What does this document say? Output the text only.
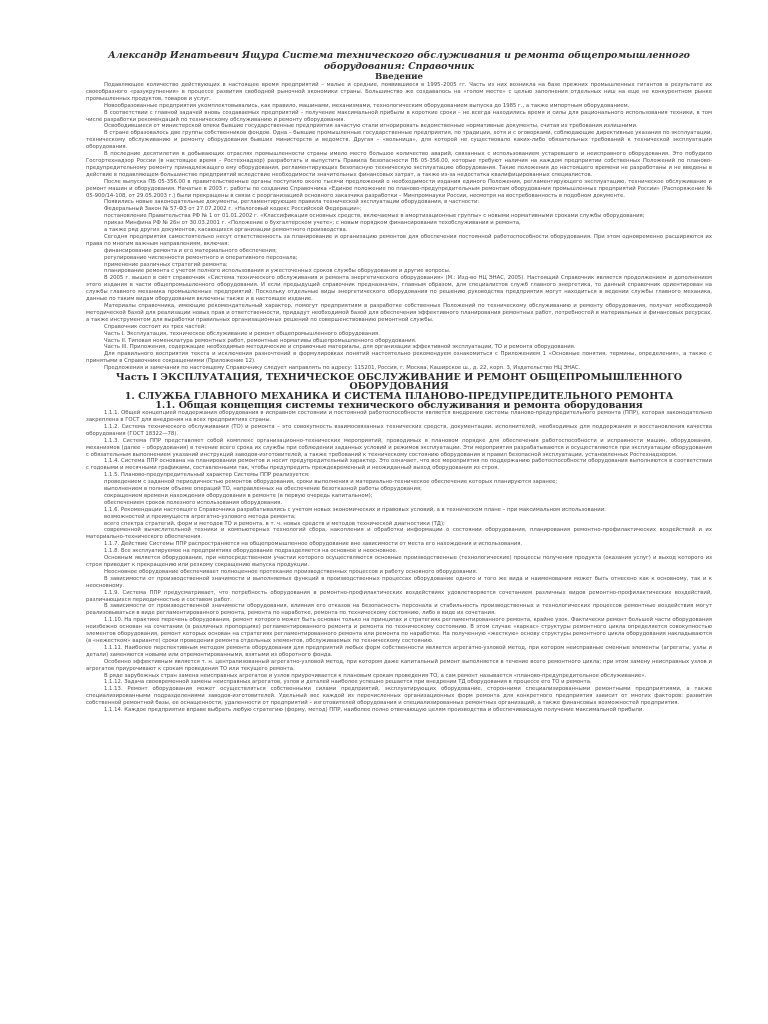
Александр Игнатьевич Ящура Система технического обслуживания и ремонта общепромышленного оборудования: Справочник
Введение

Подавляющее количество действующих в настоящее время предприятий – малые и средние, появившиеся в 1995–2005 гг. Часть из них возникла на базе прежних промышленных гигантов в результате их своеобразного «разукрупнения» в процессе развития свободной рыночной экономики страны. Большинство же создавалось на «голом месте» с целью заполнения отдельных ниш на еще не конкурентном рынке промышленных продуктов, товаров и услуг.

Новообразованные предприятия укомплектовывались, как правило, машинами, механизмами, технологическим оборудованием выпуска до 1985 г., а также импортным оборудованием.

В соответствии с главной задачей вновь создаваемых предприятий – получение максимальной прибыли в короткие сроки – не всегда находились время и силы для рационального использования техники, в том числе разработки рекомендаций по техническому обслуживанию и ремонту оборудования.

Освободившиеся от министерской опеки бывшие государственные предприятия зачастую стали игнорировать ведомственные нормативные документы, считая их требования излишними.

В стране образовалось две группы собственников фондов. Одна – бывшие промышленные государственные предприятия, по традиции, хотя и с оговорками, соблюдающие директивные указания по эксплуатации, техническому обслуживанию и ремонту оборудования бывших министерств и ведомств. Другая – «вольница», для которой не существовало каких-либо обязательных требований к технической эксплуатации оборудования.

В последние десятилетия в добывающих отраслях промышленности страны имело место большое количество аварий, связанных с использованием устаревшего и неисправного оборудования. Это побудило Госгортехнадзор России (в настоящее время – Ростехнадзор) разработать и выпустить Правила безопасности ПБ 05-356.00, которые требуют наличия на каждом предприятии собственных Положений по планово-предупредительному ремонту принадлежащего ему оборудования, регламентирующих безопасную техническую эксплуатацию оборудования. Такие положения до настоящего времени не разработаны и не введены в действие в подавляющем большинстве предприятий вследствие необходимости значительных финансовых затрат, а также из-за недостатка квалифицированных специалистов.

После выпуска ПБ 05-356.00 в правительственные органы поступило около тысячи предложений о необходимости издания единого Положения, регламентирующего эксплуатацию, техническое обслуживание и ремонт машин и оборудования. Начатые в 2003 г. работы по созданию Справочника «Единое положение по планово-предупредительным ремонтам оборудования промышленных предприятий России» (Распоряжение № 05-900/14-108, от 29.05.2003 г.) были прекращены в связи с реорганизацией основного заказчика разработки – Минпромнауки России, несмотря на востребованность в подобном документе.

Появились новые законодательные документы, регламентирующие правила технической эксплуатации оборудования, в частности:

Федеральный Закон № 57-ФЗ от 27.07.2002 г. «Налоговый кодекс Российской Федерации»;

постановление Правительства РФ № 1 от 01.01.2002 г. «Классификация основных средств, включаемых в амортизационные группы» с новыми нормативными сроками службы оборудования;

приказ Минфина РФ № 26н от 30.03.2001 г. «Положение о бухгалтерском учете»; с новым порядком финансирования техобслуживания и ремонта,

а также ряд других документов, касающихся организации ремонтного производства.

Сегодня предприятия самостоятельно несут ответственность за планирование и организацию ремонтов для обеспечения постоянной работоспособности оборудования. При этом одновременно расширяются их права по многим важным направлениям, включая:

финансирование ремонта и его материального обеспечения;

регулирование численности ремонтного и оперативного персонала;

применение различных стратегий ремонта;

планирование ремонта с учетом полного использования и ужесточенных сроков службы оборудования и другие вопросы.

В 2005 г. вышел в свет справочник «Система технического обслуживания и ремонта энергетического оборудования» (М.: Изд-во НЦ ЭНАС, 2005). Настоящий Справочник является продолжением и дополнением этого издания в части общепромышленного оборудования. И если предыдущий справочник предназначен, главным образом, для специалистов служб главного энергетика, то данный справочник ориентирован на службы главного механика промышленных предприятий. Поскольку отдельные виды энергетического оборудования по решению руководства предприятия могут находиться в ведении службы главного механика, данные по таким видам оборудования включены также и в настоящее издание.

Материалы справочника, имеющие рекомендательный характер, помогут предприятиям в разработке собственных Положений по техническому обслуживанию и ремонту оборудования, получат необходимой методической базой для реализации новых прав и ответственности, придадут необходимой базой для обеспечения эффективного планирования ремонтных работ, потребностей в материальных и финансовых ресурсах, а также инструментом для выработки правильных организационных решений по совершенствованию ремонтной службы.

Справочник состоит из трех частей:

Часть I. Эксплуатация, техническое обслуживание и ремонт общепромышленного оборудования.

Часть II. Типовая номенклатура ремонтных работ, ремонтные нормативы общепромышленного оборудования.

Часть III. Приложения, содержащие необходимые методические и справочные материалы, для организации эффективной эксплуатации, ТО и ремонта оборудования.

Для правильного восприятия текста и исключения разночтений в формулировках понятий настоятельно рекомендуем ознакомиться с Приложением 1 «Основные понятия, термины, определения», а также с принятыми в Справочнике сокращениями (Приложение 12).

Предложения и замечания по настоящему Справочнику следует направлять по адресу: 115201, Россия, г. Москва, Каширское ш., д. 22, корп. 3, Издательство НЦ ЭНАС.

Часть I ЭКСПЛУАТАЦИЯ, ТЕХНИЧЕСКОЕ ОБСЛУЖИВАНИЕ И РЕМОНТ ОБЩЕПРОМЫШЛЕННОГО ОБОРУДОВАНИЯ
1. СЛУЖБА ГЛАВНОГО МЕХАНИКА И СИСТЕМА ПЛАНОВО-ПРЕДУПРЕДИТЕЛЬНОГО РЕМОНТА
1.1. Общая концепция системы технического обслуживания и ремонта оборудования

1.1.1. Общей концепцией поддержания оборудования в исправном состоянии и постоянной работоспособности является внедрение системы планово-предупредительного ремонта (ППР), которая законодательно закреплена в ГОСТ для внедрения на всех предприятиях страны.

1.1.2. Система технического обслуживания (ТО) и ремонта – это совокупность взаимосвязанных технических средств, документации, исполнителей, необходимых для поддержания и восстановления качества оборудования (ГОСТ 18322—78).

1.1.3. Система ППР представляет собой комплекс организационно-технических мероприятий, проводимых в плановом порядке для обеспечения работоспособности и исправности машин, оборудования, механизмов (далее – оборудования) в течение всего срока их службы при соблюдении заданных условий и режимов эксплуатации. Эти мероприятия разрабатываются и осуществляются при эксплуатации оборудования с обязательным выполнением указаний инструкций заводов-изготовителей, а также требований к техническому состоянию оборудования и правил безопасной эксплуатации, установленных Ростехнадзором.

1.1.4. Система ППР основана на планировании ремонтов и носит предупредительный характер. Это означает, что все мероприятия по поддержанию работоспособности оборудования выполняются в соответствии с годовыми и месячными графиками, составленными так, чтобы предупредить преждевременный и неожиданный выход оборудования из строя.

1.1.5. Планово-предупредительный характер Системы ППР реализуется:

проведением с заданной периодичностью ремонтов оборудования, сроки выполнения и материально-техническое обеспечение которых планируются заранее;

выполнением в полном объеме операций ТО, направленных на обеспечение безотказной работы оборудования;

сокращением времени нахождения оборудования в ремонте (в первую очередь капитальном);

обеспечением сроков полезного использования оборудования.

1.1.6. Рекомендации настоящего Справочника разрабатывались с учетом новых экономических и правовых условий, а в техническом плане – при максимальном использовании:

возможностей и преимуществ агрегатно-узлового метода ремонта;

всего спектра стратегий, форм и методов ТО и ремонта, в т. ч. новых средств и методов технической диагностики (ТД);

современной вычислительной техники и компьютерных технологий сбора, накопления и обработки информации о состоянии оборудования, планирования ремонтно-профилактических воздействий и их материально-технического обеспечения.

1.1.7. Действие Системы ППР распространяется на общепромышленное оборудование вне зависимости от места его нахождения и использования.

1.1.8. Все эксплуатируемое на предприятиях оборудование подразделяется на основное и неосновное.

Основным является оборудование, при непосредственном участии которого осуществляются основные производственные (технологические) процессы получения продукта (оказания услуг) и выход которого из строя приводит к прекращению или резкому сокращению выпуска продукции.

Неосновное оборудование обеспечивает полноценное протекание производственных процессов и работу основного оборудования.

В зависимости от производственной значимости и выполняемых функций в производственных процессах оборудование одного и того же вида и наименования может быть отнесено как к основному, так и к неосновному.

1.1.9. Система ППР предусматривает, что потребность оборудования в ремонтно-профилактических воздействиях удовлетворяется сочетанием различных видов ремонтно-профилактических воздействий, различающихся периодичностью и составом работ.

В зависимости от производственной значимости оборудования, влияния его отказов на безопасность персонала и стабильность производственных и технологических процессов ремонтные воздействия могут реализовываться в виде регламентированного ремонта, ремонта по наработке, ремонта по техническому состоянию, либо в виде их сочетания.

1.1.10. На практике перечень оборудования, ремонт которого может быть основан только на принципах и стратегиях регламентированного ремонта, крайне узок. Фактически ремонт большей части оборудования неизбежно основан на сочетании (в различных пропорциях) регламентированного ремонта и ремонта по техническому состоянию. В этом случае «каркас» структуры ремонтного цикла определяется совокупностью элементов оборудования, ремонт которых основан на стратегиях регламентированного ремонта или ремонта по наработке. На полученную «жесткую» основу структуры ремонтного цикла оборудования накладываются (в «нежестком» варианте) сроки проведения ремонта отдельных элементов, обслуживаемых по техническому состоянию.

1.1.11. Наиболее перспективным методом ремонта оборудования для предприятий любых форм собственности является агрегатно-узловой метод, при котором неисправные сменные элементы (агрегаты, узлы и детали) заменяются новыми или отремонтированными, взятыми из оборотного фонда.

Особенно эффективным является т. н. централизованный агрегатно-узловой метод, при котором даже капитальный ремонт выполняется в течение всего ремонтного цикла; при этом замену неисправных узлов и агрегатов приурочивают к срокам проведения ТО или текущего ремонта.

В ряде зарубежных стран замена неисправных агрегатов и узлов приурочивается к плановым срокам проведения ТО, а сам ремонт называется «планово-предупредительное обслуживание».

1.1.12. Задача своевременной замены неисправных агрегатов, узлов и деталей наиболее успешно решается при внедрении ТД оборудования в процессе его ТО и ремонта.

1.1.13. Ремонт оборудования может осуществляться собственными силами предприятий, эксплуатирующих оборудование, сторонними специализированными ремонтными предприятиями, а также специализированными подразделениями заводов-изготовителей. Удельный вес каждой из перечисленных организационных форм ремонта для конкретного предприятия зависит от многих факторов: развития собственной ремонтной базы, ее оснащенности, удаленности от предприятий – изготовителей оборудования и специализированных ремонтных организаций, а также финансовых возможностей предприятия.

1.1.14. Каждое предприятие вправе выбрать любую стратегию (форму, метод) ППР, наиболее полно отвечающую целям производства и обеспечивающую получение максимальной прибыли.
